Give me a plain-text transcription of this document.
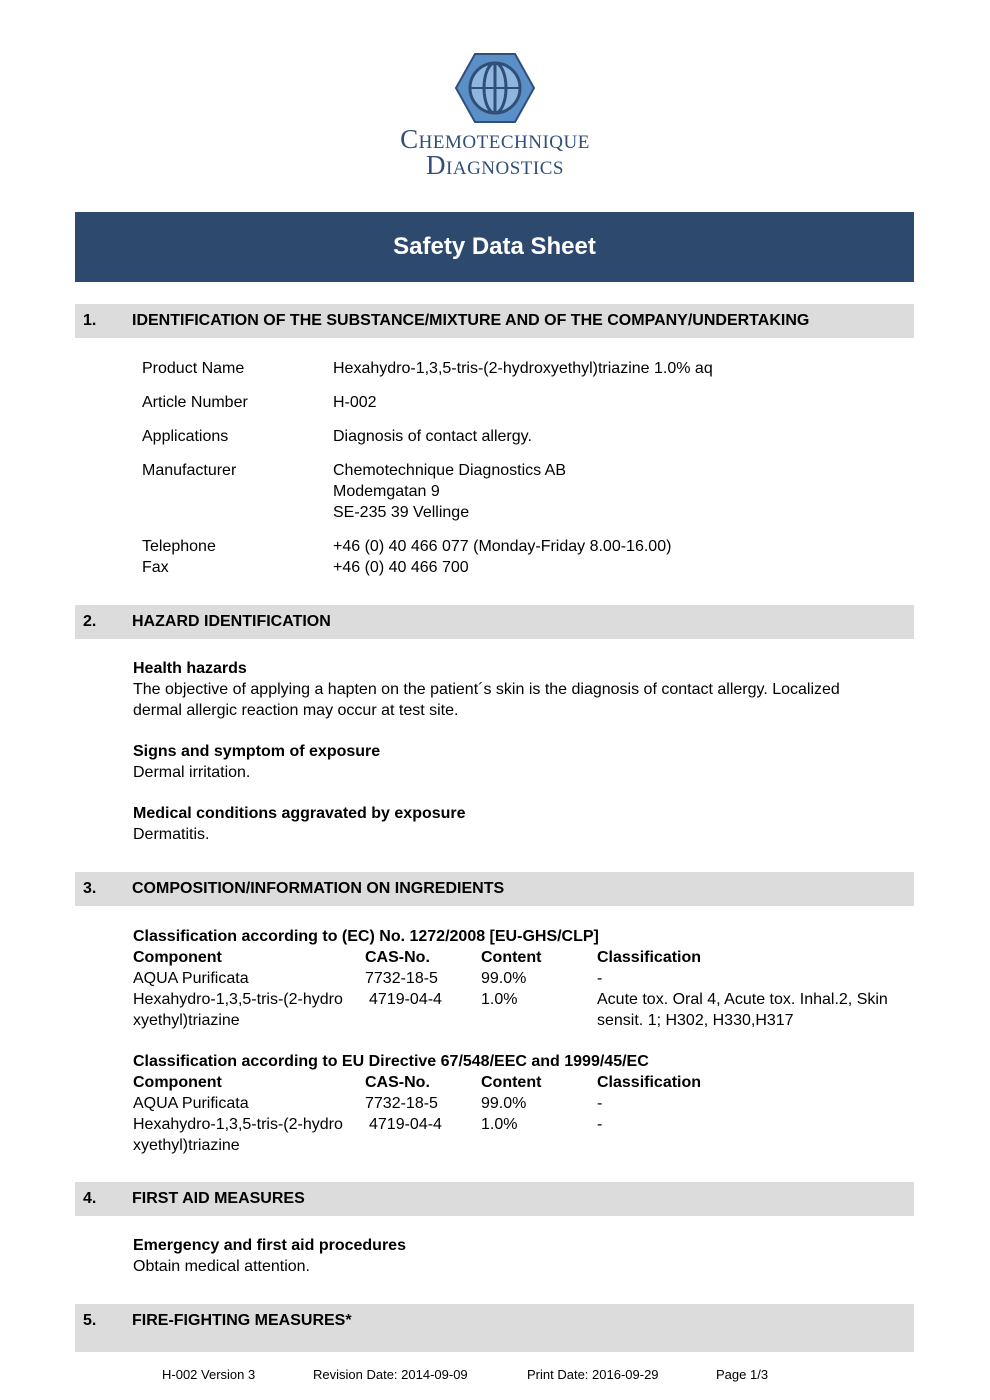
Chemotechnique
Diagnostics
Safety Data Sheet
1. IDENTIFICATION OF THE SUBSTANCE/MIXTURE AND OF THE COMPANY/UNDERTAKING
Product Name	Hexahydro-1,3,5-tris-(2-hydroxyethyl)triazine 1.0% aq
Article Number	H-002
Applications	Diagnosis of contact allergy.
Manufacturer	Chemotechnique Diagnostics AB
Modemgatan 9
SE-235 39 Vellinge
Telephone	+46 (0) 40 466 077 (Monday-Friday 8.00-16.00)
Fax	+46 (0) 40 466 700
2. HAZARD IDENTIFICATION
Health hazards
The objective of applying a hapten on the patient´s skin is the diagnosis of contact allergy. Localized
dermal allergic reaction may occur at test site.
Signs and symptom of exposure
Dermal irritation.
Medical conditions aggravated by exposure
Dermatitis.
3. COMPOSITION/INFORMATION ON INGREDIENTS
Classification according to (EC) No. 1272/2008 [EU-GHS/CLP]
Component	CAS-No.	Content	Classification
AQUA Purificata	7732-18-5	99.0%	-
Hexahydro-1,3,5-tris-(2-hydro 4719-04-4 1.0%	Acute tox. Oral 4, Acute tox. Inhal.2, Skin
xyethyl)triazine	sensit. 1; H302, H330,H317
Classification according to EU Directive 67/548/EEC and 1999/45/EC
Component	CAS-No.	Content	Classification
AQUA Purificata	7732-18-5	99.0%	-
Hexahydro-1,3,5-tris-(2-hydro 4719-04-4 1.0%	-
xyethyl)triazine
4. FIRST AID MEASURES
Emergency and first aid procedures
Obtain medical attention.
5. FIRE-FIGHTING MEASURES*
H-002 Version 3	Revision Date: 2014-09-09	Print Date: 2016-09-29	Page 1/3
